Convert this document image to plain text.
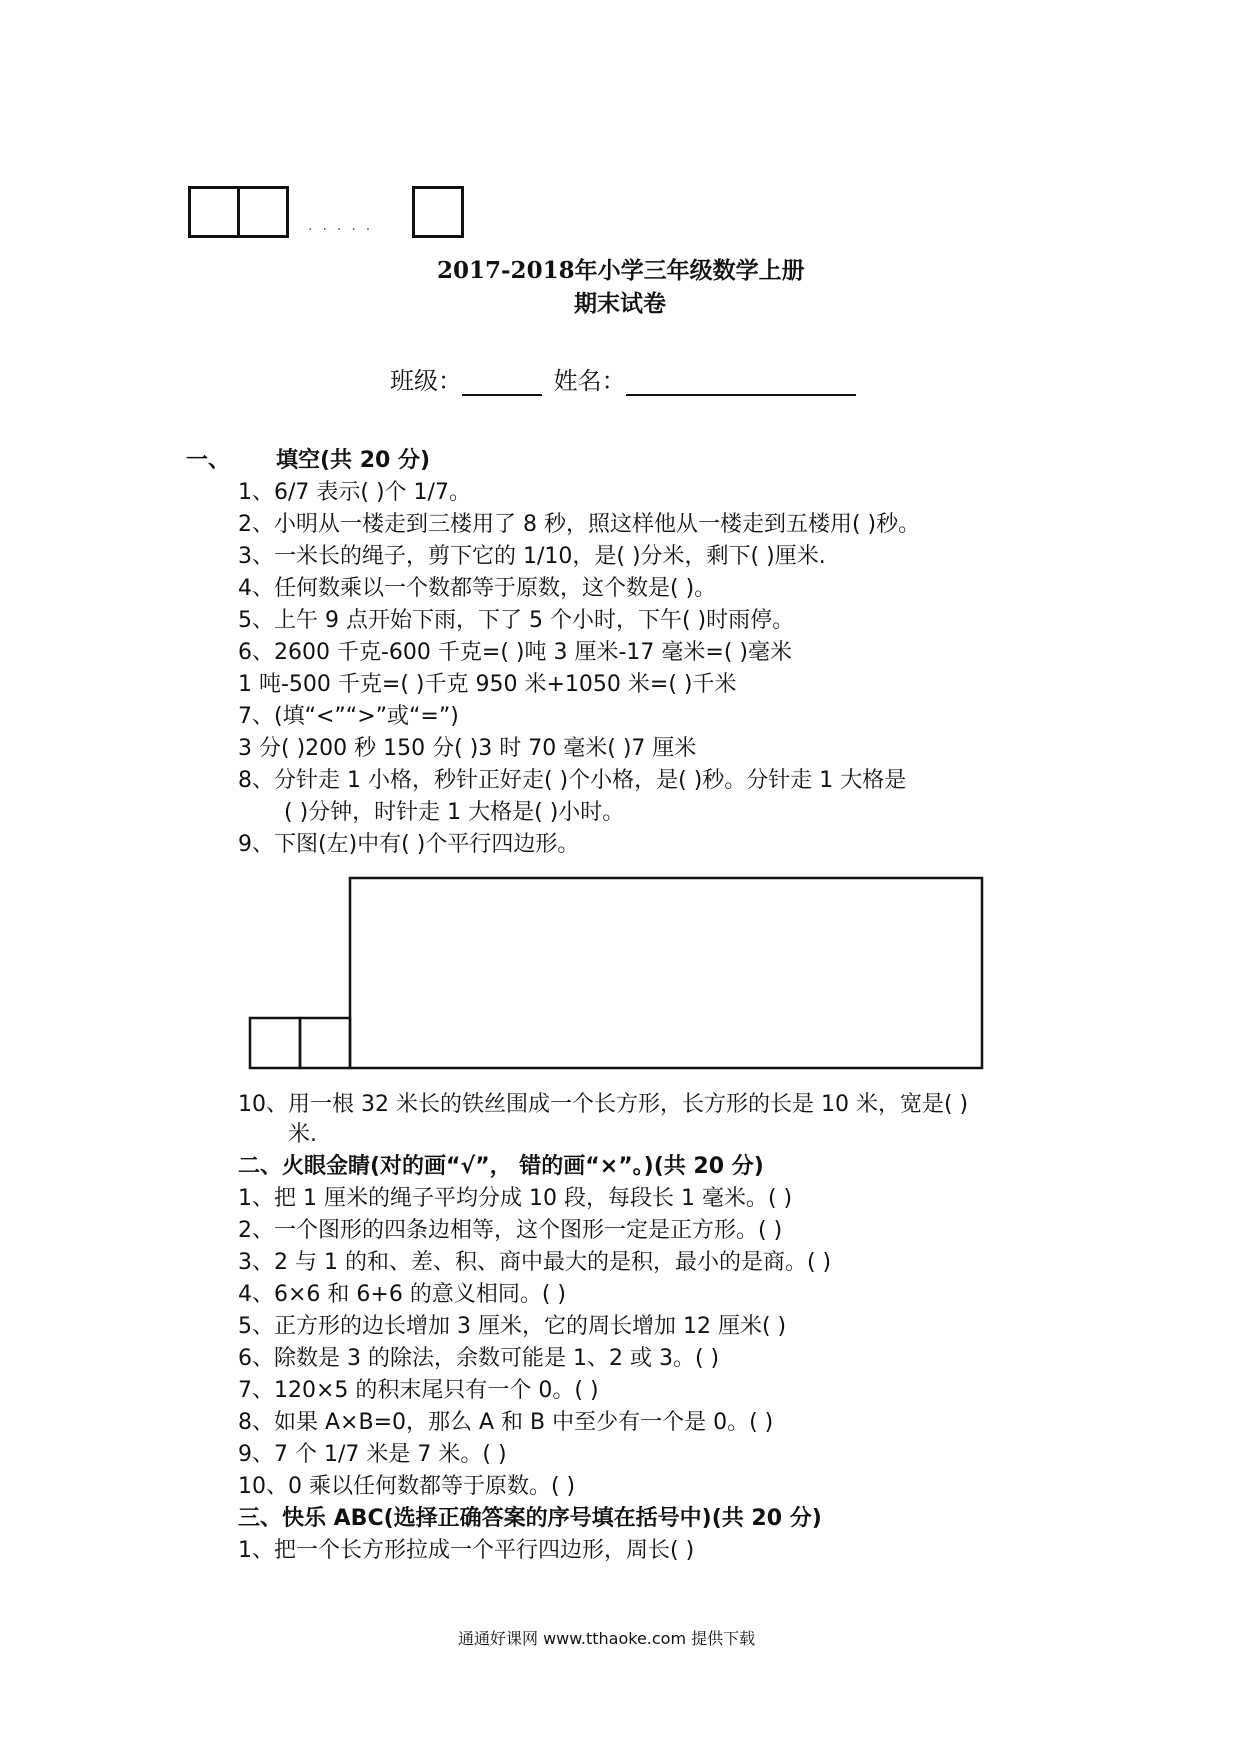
·····
2017-2018年小学三年级数学上册
期末试卷
班级：	姓名：
一、 填空(共 20 分)
1、6/7 表示( )个 1/7。
2、小明从一楼走到三楼用了 8 秒，照这样他从一楼走到五楼用( )秒。
3、一米长的绳子，剪下它的 1/10，是( )分米，剩下( )厘米.
4、任何数乘以一个数都等于原数，这个数是( )。
5、上午 9 点开始下雨，下了 5 个小时，下午( )时雨停。
6、2600 千克-600 千克=( )吨 3 厘米-17 毫米=( )毫米
1 吨-500 千克=( )千克 950 米+1050 米=( )千米
7、(填“<”“>”或“=”)
3 分( )200 秒 150 分( )3 时 70 毫米( )7 厘米
8、分针走 1 小格，秒针正好走( )个小格，是( )秒。分针走 1 大格是
( )分钟，时针走 1 大格是( )小时。
9、下图(左)中有( )个平行四边形。
10、用一根 32 米长的铁丝围成一个长方形，长方形的长是 10 米，宽是( )
米.
二、火眼金睛(对的画“√”， 错的画“×”。)(共 20 分)
1、把 1 厘米的绳子平均分成 10 段，每段长 1 毫米。( )
2、一个图形的四条边相等，这个图形一定是正方形。( )
3、2 与 1 的和、差、积、商中最大的是积，最小的是商。( )
4、6×6 和 6+6 的意义相同。( )
5、正方形的边长增加 3 厘米，它的周长增加 12 厘米( )
6、除数是 3 的除法，余数可能是 1、2 或 3。( )
7、120×5 的积末尾只有一个 0。( )
8、如果 A×B=0，那么 A 和 B 中至少有一个是 0。( )
9、7 个 1/7 米是 7 米。( )
10、0 乘以任何数都等于原数。( )
三、快乐 ABC(选择正确答案的序号填在括号中)(共 20 分)
1、把一个长方形拉成一个平行四边形，周长( )
通通好课网 www.tthaoke.com 提供下载
